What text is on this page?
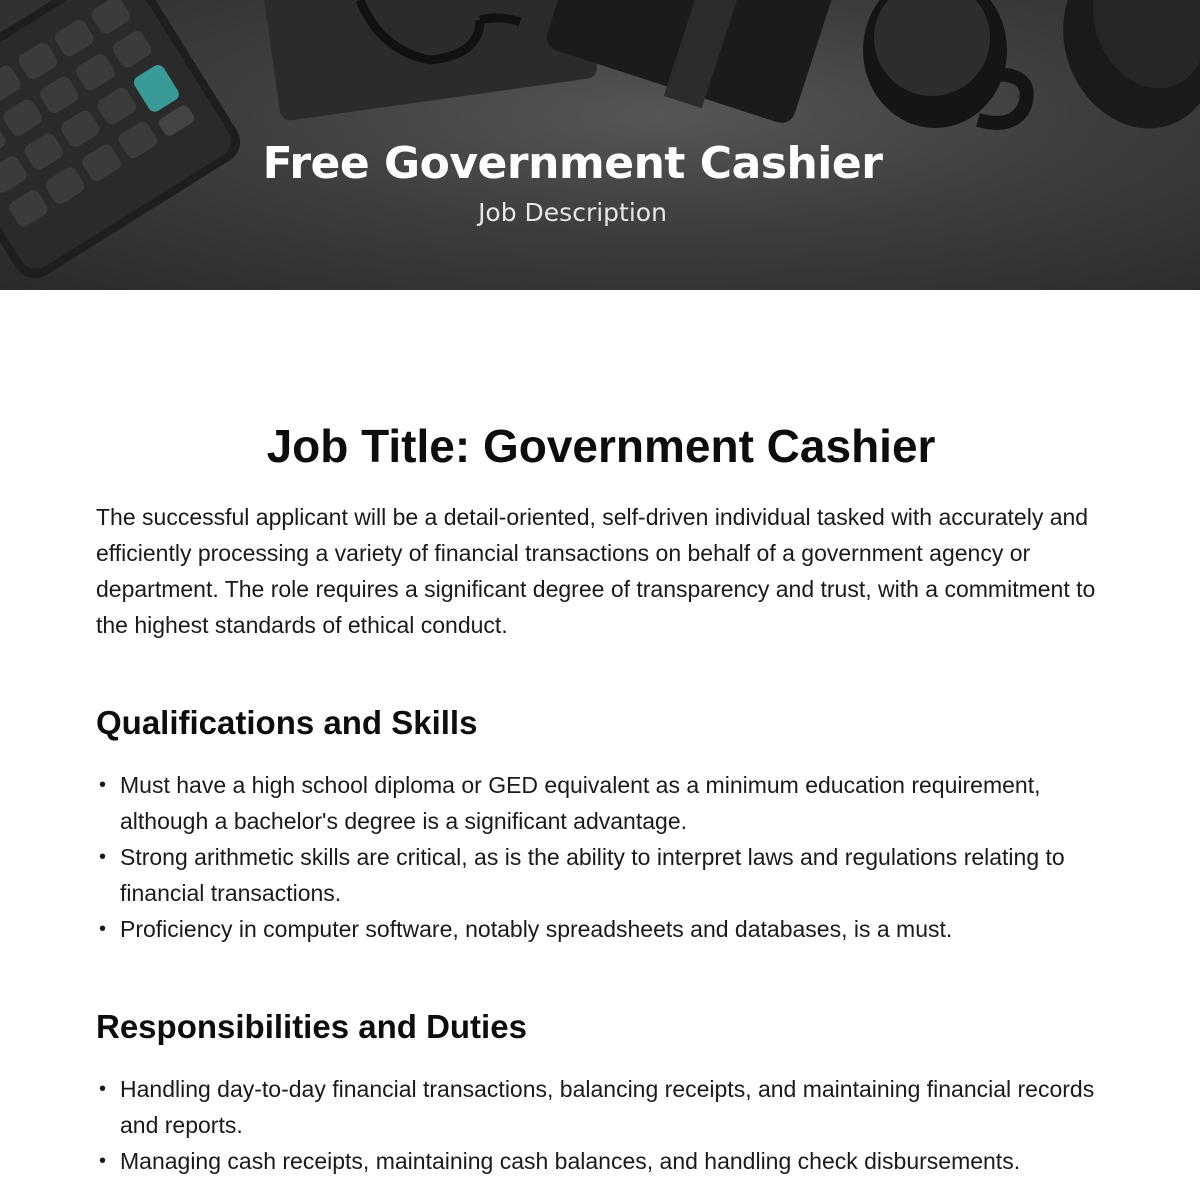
Free Government Cashier
Job Description
Job Title: Government Cashier

The successful applicant will be a detail-oriented, self-driven individual tasked with accurately and efficiently processing a variety of financial transactions on behalf of a government agency or department. The role requires a significant degree of transparency and trust, with a commitment to the highest standards of ethical conduct.

Qualifications and Skills
• Must have a high school diploma or GED equivalent as a minimum education requirement, although a bachelor's degree is a significant advantage.
• Strong arithmetic skills are critical, as is the ability to interpret laws and regulations relating to financial transactions.
• Proficiency in computer software, notably spreadsheets and databases, is a must.
Responsibilities and Duties
• Handling day-to-day financial transactions, balancing receipts, and maintaining financial records and reports.
• Managing cash receipts, maintaining cash balances, and handling check disbursements.
